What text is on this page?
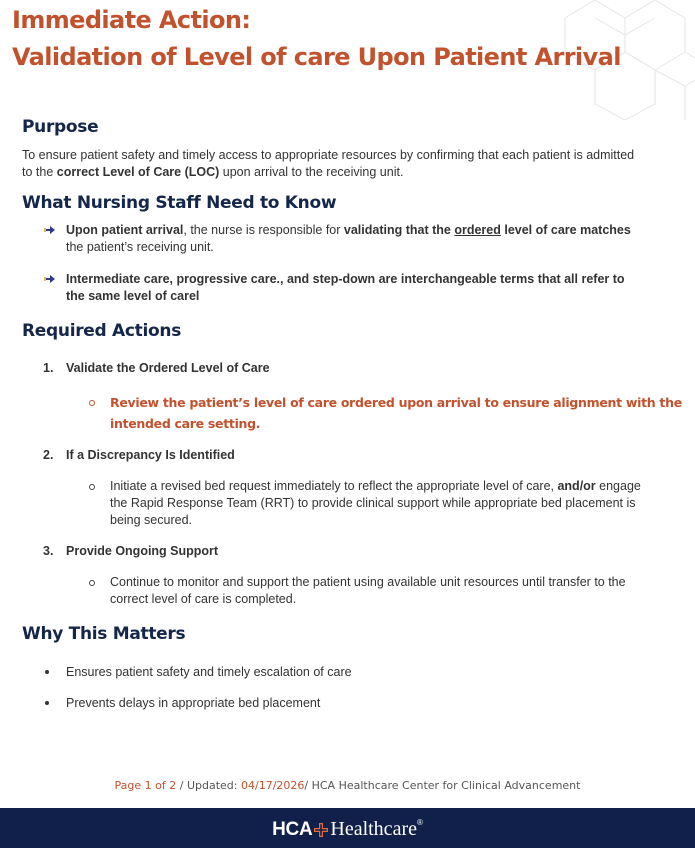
Immediate Action:
Validation of Level of care Upon Patient Arrival
Purpose
To ensure patient safety and timely access to appropriate resources by confirming that each patient is admitted
to the correct Level of Care (LOC) upon arrival to the receiving unit.
What Nursing Staff Need to Know
Upon patient arrival, the nurse is responsible for validating that the ordered level of care matches
the patient’s receiving unit.
Intermediate care, progressive care., and step-down are interchangeable terms that all refer to
the same level of carel
Required Actions
1. Validate the Ordered Level of Care
Review the patient’s level of care ordered upon arrival to ensure alignment with the
intended care setting.
2. If a Discrepancy Is Identified
Initiate a revised bed request immediately to reflect the appropriate level of care, and/or engage
the Rapid Response Team (RRT) to provide clinical support while appropriate bed placement is
being secured.
3. Provide Ongoing Support
Continue to monitor and support the patient using available unit resources until transfer to the
correct level of care is completed.
Why This Matters
Ensures patient safety and timely escalation of care
Prevents delays in appropriate bed placement
Page 1 of 2 / Updated: 04/17/2026/ HCA Healthcare Center for Clinical Advancement
HCA Healthcare®
